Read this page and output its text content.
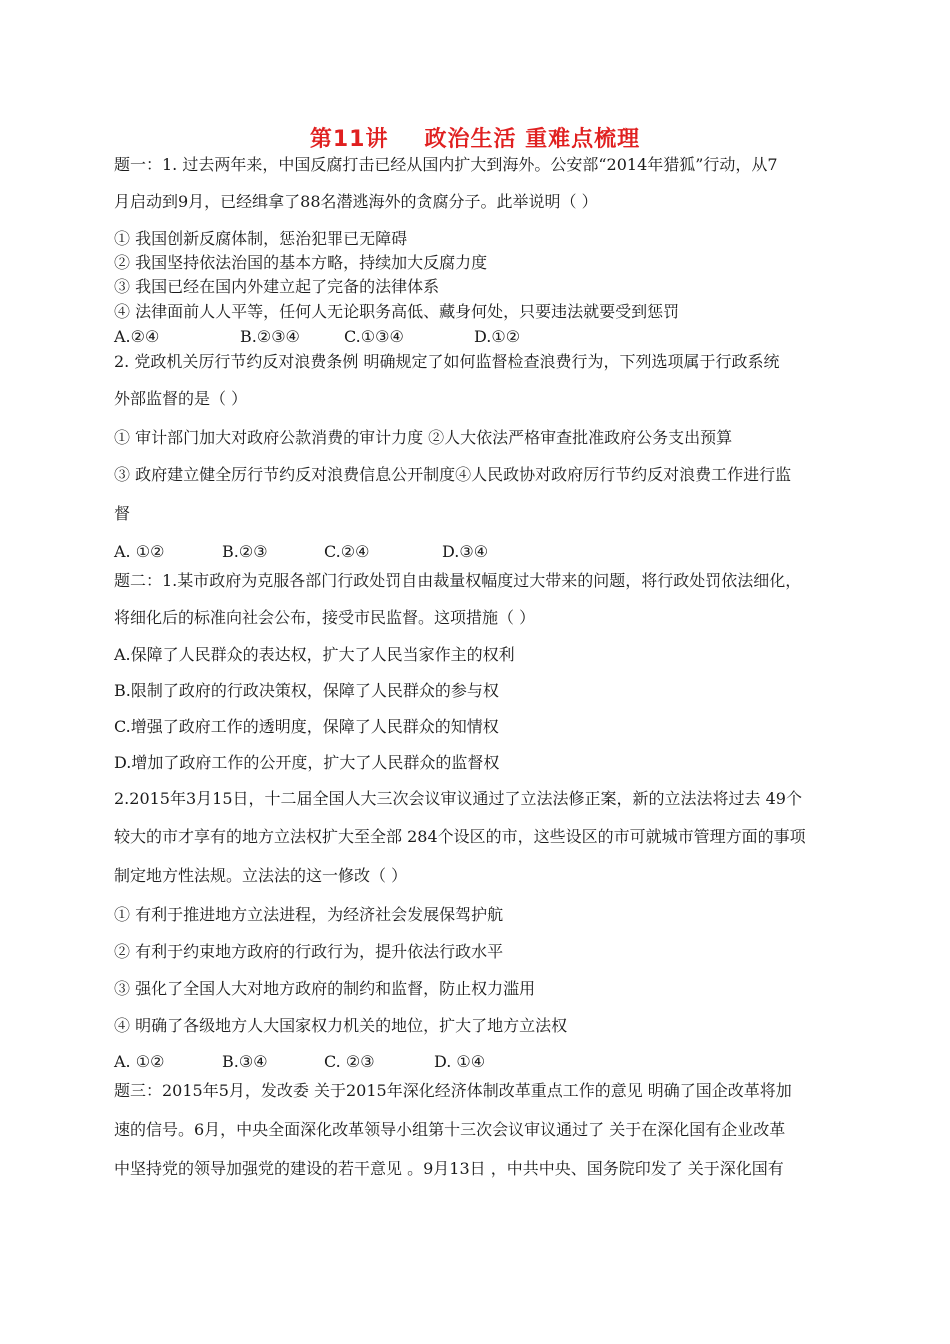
第11讲 政治生活 重难点梳理
题一：1. 过去两年来，中国反腐打击已经从国内扩大到海外。公安部“2014年猎狐”行动，从7
月启动到9月，已经缉拿了88名潜逃海外的贪腐分子。此举说明（ ）
① 我国创新反腐体制，惩治犯罪已无障碍
② 我国坚持依法治国的基本方略，持续加大反腐力度
③ 我国已经在国内外建立起了完备的法律体系
④ 法律面前人人平等，任何人无论职务高低、藏身何处，只要违法就要受到惩罚
A.②④	B.②③④	C.①③④	D.①②
2. 党政机关厉行节约反对浪费条例 明确规定了如何监督检查浪费行为，下列选项属于行政系统
外部监督的是（ ）
① 审计部门加大对政府公款消费的审计力度 ②人大依法严格审查批准政府公务支出预算
③ 政府建立健全厉行节约反对浪费信息公开制度④人民政协对政府厉行节约反对浪费工作进行监
督
A. ①②	B.②③	C.②④	D.③④
题二：1.某市政府为克服各部门行政处罚自由裁量权幅度过大带来的问题，将行政处罚依法细化，
将细化后的标准向社会公布，接受市民监督。这项措施（ ）
A.保障了人民群众的表达权，扩大了人民当家作主的权利
B.限制了政府的行政决策权，保障了人民群众的参与权
C.增强了政府工作的透明度，保障了人民群众的知情权
D.增加了政府工作的公开度，扩大了人民群众的监督权
2.2015年3月15日，十二届全国人大三次会议审议通过了立法法修正案，新的立法法将过去 49个
较大的市才享有的地方立法权扩大至全部 284个设区的市，这些设区的市可就城市管理方面的事项
制定地方性法规。立法法的这一修改（ ）
① 有利于推进地方立法进程，为经济社会发展保驾护航
② 有利于约束地方政府的行政行为，提升依法行政水平
③ 强化了全国人大对地方政府的制约和监督，防止权力滥用
④ 明确了各级地方人大国家权力机关的地位，扩大了地方立法权
A. ①②	B.③④	C. ②③	D. ①④
题三：2015年5月，发改委 关于2015年深化经济体制改革重点工作的意见 明确了国企改革将加
速的信号。6月，中央全面深化改革领导小组第十三次会议审议通过了 关于在深化国有企业改革
中坚持党的领导加强党的建设的若干意见 。9月13日 ，中共中央、国务院印发了 关于深化国有
